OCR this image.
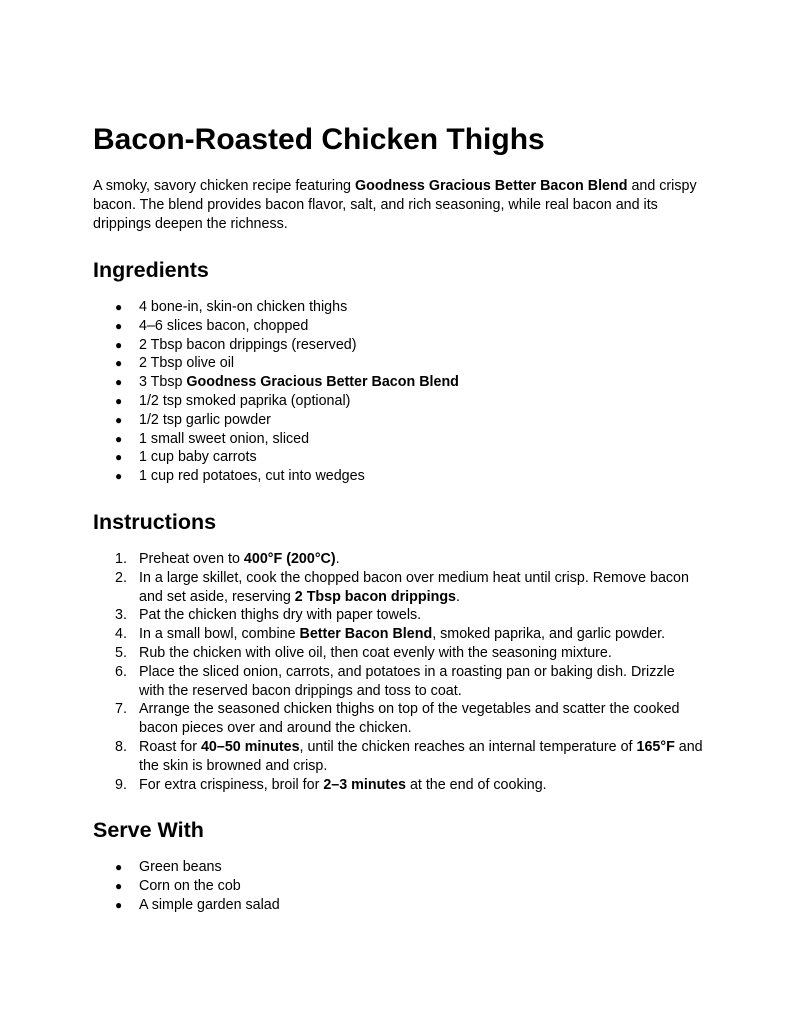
Bacon-Roasted Chicken Thighs

A smoky, savory chicken recipe featuring Goodness Gracious Better Bacon Blend and crispy bacon. The blend provides bacon flavor, salt, and rich seasoning, while real bacon and its drippings deepen the richness.

Ingredients
● 4 bone-in, skin-on chicken thighs
● 4–6 slices bacon, chopped
● 2 Tbsp bacon drippings (reserved)
● 2 Tbsp olive oil
● 3 Tbsp Goodness Gracious Better Bacon Blend
● 1/2 tsp smoked paprika (optional)
● 1/2 tsp garlic powder
● 1 small sweet onion, sliced
● 1 cup baby carrots
● 1 cup red potatoes, cut into wedges
Instructions
1. Preheat oven to 400°F (200°C).
2. In a large skillet, cook the chopped bacon over medium heat until crisp. Remove bacon and set aside, reserving 2 Tbsp bacon drippings.
3. Pat the chicken thighs dry with paper towels.
4. In a small bowl, combine Better Bacon Blend, smoked paprika, and garlic powder.
5. Rub the chicken with olive oil, then coat evenly with the seasoning mixture.
6. Place the sliced onion, carrots, and potatoes in a roasting pan or baking dish. Drizzle with the reserved bacon drippings and toss to coat.
7. Arrange the seasoned chicken thighs on top of the vegetables and scatter the cooked bacon pieces over and around the chicken.
8. Roast for 40–50 minutes, until the chicken reaches an internal temperature of 165°F and the skin is browned and crisp.
9. For extra crispiness, broil for 2–3 minutes at the end of cooking.
Serve With
● Green beans
● Corn on the cob
● A simple garden salad
